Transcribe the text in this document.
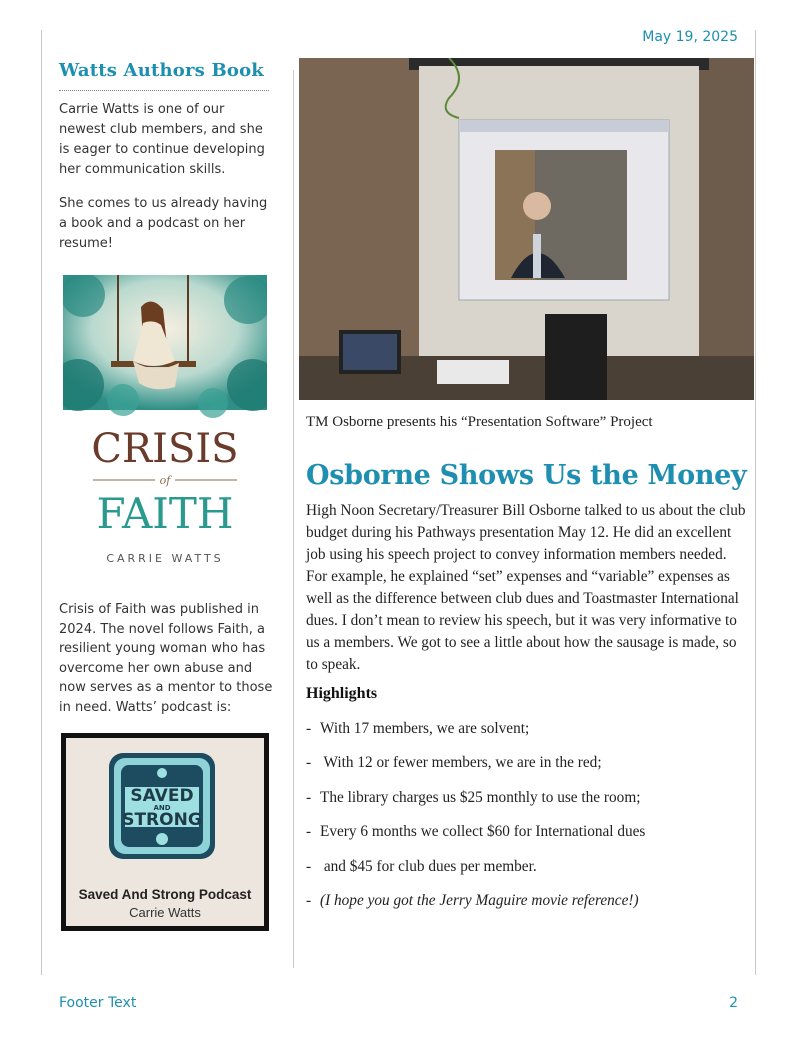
May 19, 2025
Watts Authors Book

Carrie Watts is one of our newest club members, and she is eager to continue developing her communication skills.

She comes to us already having a book and a podcast on her resume!

CRISIS
of
FAITH
CARRIE WATTS

Crisis of Faith was published in 2024. The novel follows Faith, a resilient young woman who has overcome her own abuse and now serves as a mentor to those in need. Watts’ podcast is:

SAVED
AND
STRONG
Saved And Strong Podcast
Carrie Watts
TM Osborne presents his “Presentation Software” Project
Osborne Shows Us the Money

High Noon Secretary/Treasurer Bill Osborne talked to us about the club budget during his Pathways presentation May 12. He did an excellent job using his speech project to convey information members needed. For example, he explained “set” expenses and “variable” expenses as well as the difference between club dues and Toastmaster International dues. I don’t mean to review his speech, but it was very informative to us a members. We got to see a little about how the sausage is made, so to speak.

Highlights
- With 17 members, we are solvent;
- With 12 or fewer members, we are in the red;
- The library charges us $25 monthly to use the room;
- Every 6 months we collect $60 for International dues
- and $45 for club dues per member.
- (I hope you got the Jerry Maguire movie reference!)
Footer Text	2
